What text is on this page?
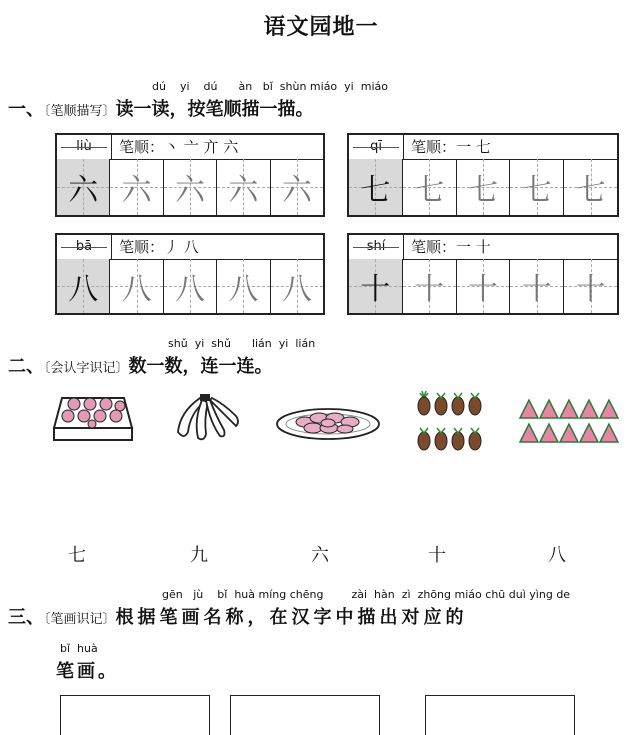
语文园地一
dú yi dú àn bǐ shùn miáo yi miáo
一、〔笔顺描写〕读一读，按笔顺描一描。
liù	笔顺：丶 亠 亣 六
六 六 六 六 六
qī	笔顺：一 七
七 七 七 七 七
bā	笔顺：丿 八
八 八 八 八 八
shí	笔顺：一 十
十 十 十 十 十
shǔ yi shǔ lián yi lián
二、〔会认字识记〕数一数，连一连。
七	九	六	十	八
gēn jù bǐ huà míng chēng	zài hàn zì zhōng miáo chū duì yìng de
三、〔笔画识记〕根据笔画名称，在汉字中描出对应的
bǐ huà
笔画。
